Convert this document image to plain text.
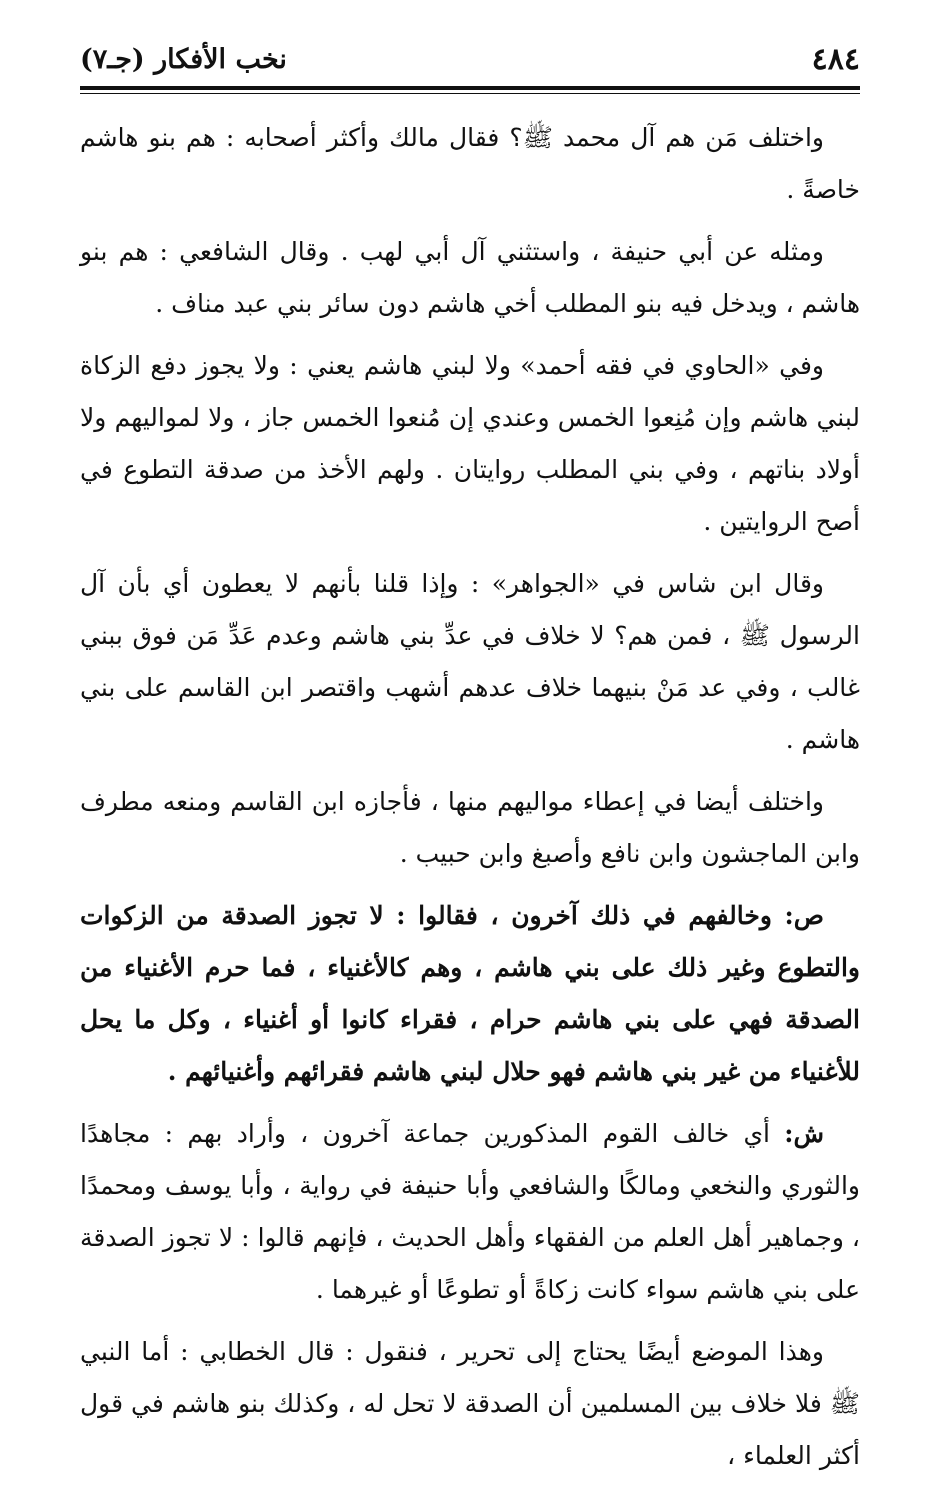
٤٨٤
نخب الأفكار (جـ٧)

واختلف مَن هم آل محمد ﷺ؟ فقال مالك وأكثر أصحابه : هم بنو هاشم خاصةً .

ومثله عن أبي حنيفة ، واستثني آل أبي لهب . وقال الشافعي : هم بنو هاشم ، ويدخل فيه بنو المطلب أخي هاشم دون سائر بني عبد مناف .

وفي «الحاوي في فقه أحمد» ولا لبني هاشم يعني : ولا يجوز دفع الزكاة لبني هاشم وإن مُنِعوا الخمس وعندي إن مُنعوا الخمس جاز ، ولا لمواليهم ولا أولاد بناتهم ، وفي بني المطلب روايتان . ولهم الأخذ من صدقة التطوع في أصح الروايتين .

وقال ابن شاس في «الجواهر» : وإذا قلنا بأنهم لا يعطون أي بأن آل الرسول ﷺ ، فمن هم؟ لا خلاف في عدِّ بني هاشم وعدم عَدِّ مَن فوق ببني غالب ، وفي عد مَنْ بنيهما خلاف عدهم أشهب واقتصر ابن القاسم على بني هاشم .

واختلف أيضا في إعطاء مواليهم منها ، فأجازه ابن القاسم ومنعه مطرف وابن الماجشون وابن نافع وأصبغ وابن حبيب .

ص: وخالفهم في ذلك آخرون ، فقالوا : لا تجوز الصدقة من الزكوات والتطوع وغير ذلك على بني هاشم ، وهم كالأغنياء ، فما حرم الأغنياء من الصدقة فهي على بني هاشم حرام ، فقراء كانوا أو أغنياء ، وكل ما يحل للأغنياء من غير بني هاشم فهو حلال لبني هاشم فقرائهم وأغنيائهم .

ش: أي خالف القوم المذكورين جماعة آخرون ، وأراد بهم : مجاهدًا والثوري والنخعي ومالكًا والشافعي وأبا حنيفة في رواية ، وأبا يوسف ومحمدًا ، وجماهير أهل العلم من الفقهاء وأهل الحديث ، فإنهم قالوا : لا تجوز الصدقة على بني هاشم سواء كانت زكاةً أو تطوعًا أو غيرهما .

وهذا الموضع أيضًا يحتاج إلى تحرير ، فنقول : قال الخطابي : أما النبي ﷺ فلا خلاف بين المسلمين أن الصدقة لا تحل له ، وكذلك بنو هاشم في قول أكثر العلماء ،
